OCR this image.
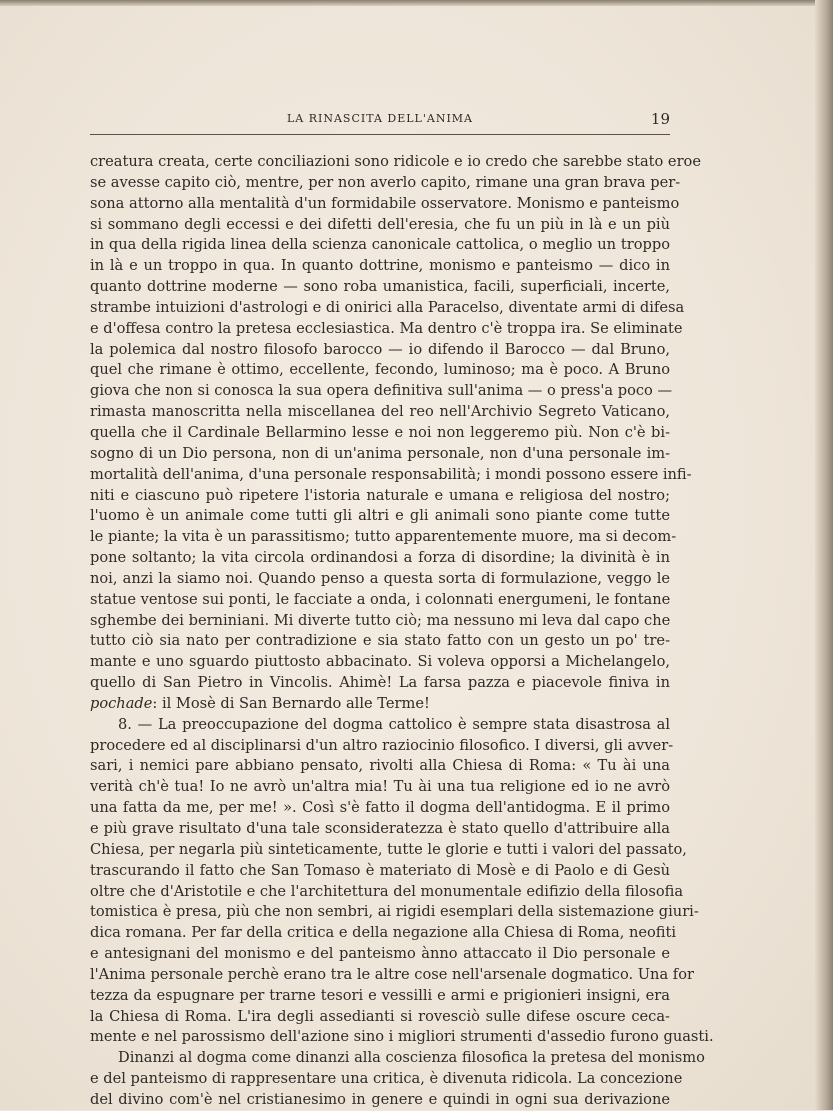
LA RINASCITA DELL'ANIMA	19
creatura creata, certe conciliazioni sono ridicole e io credo che sarebbe stato eroe
se avesse capito ciò, mentre, per non averlo capito, rimane una gran brava per-
sona attorno alla mentalità d'un formidabile osservatore. Monismo e panteismo
si sommano degli eccessi e dei difetti dell'eresia, che fu un più in là e un più
in qua della rigida linea della scienza canonicale cattolica, o meglio un troppo
in là e un troppo in qua. In quanto dottrine, monismo e panteismo — dico in
quanto dottrine moderne — sono roba umanistica, facili, superficiali, incerte,
strambe intuizioni d'astrologi e di onirici alla Paracelso, diventate armi di difesa
e d'offesa contro la pretesa ecclesiastica. Ma dentro c'è troppa ira. Se eliminate
la polemica dal nostro filosofo barocco — io difendo il Barocco — dal Bruno,
quel che rimane è ottimo, eccellente, fecondo, luminoso; ma è poco. A Bruno
giova che non si conosca la sua opera definitiva sull'anima — o press'a poco —
rimasta manoscritta nella miscellanea del reo nell'Archivio Segreto Vaticano,
quella che il Cardinale Bellarmino lesse e noi non leggeremo più. Non c'è bi-
sogno di un Dio persona, non di un'anima personale, non d'una personale im-
mortalità dell'anima, d'una personale responsabilità; i mondi possono essere infi-
niti e ciascuno può ripetere l'istoria naturale e umana e religiosa del nostro;
l'uomo è un animale come tutti gli altri e gli animali sono piante come tutte
le piante; la vita è un parassitismo; tutto apparentemente muore, ma si decom-
pone soltanto; la vita circola ordinandosi a forza di disordine; la divinità è in
noi, anzi la siamo noi. Quando penso a questa sorta di formulazione, veggo le
statue ventose sui ponti, le facciate a onda, i colonnati energumeni, le fontane
sghembe dei berniniani. Mi diverte tutto ciò; ma nessuno mi leva dal capo che
tutto ciò sia nato per contradizione e sia stato fatto con un gesto un po' tre-
mante e uno sguardo piuttosto abbacinato. Si voleva opporsi a Michelangelo,
quello di San Pietro in Vincolis. Ahimè! La farsa pazza e piacevole finiva in
pochade: il Mosè di San Bernardo alle Terme!
8. — La preoccupazione del dogma cattolico è sempre stata disastrosa al
procedere ed al disciplinarsi d'un altro raziocinio filosofico. I diversi, gli avver-
sari, i nemici pare abbiano pensato, rivolti alla Chiesa di Roma: « Tu ài una
verità ch'è tua! Io ne avrò un'altra mia! Tu ài una tua religione ed io ne avrò
una fatta da me, per me! ». Così s'è fatto il dogma dell'antidogma. E il primo
e più grave risultato d'una tale sconsideratezza è stato quello d'attribuire alla
Chiesa, per negarla più sinteticamente, tutte le glorie e tutti i valori del passato,
trascurando il fatto che San Tomaso è materiato di Mosè e di Paolo e di Gesù
oltre che d'Aristotile e che l'architettura del monumentale edifizio della filosofia
tomistica è presa, più che non sembri, ai rigidi esemplari della sistemazione giuri-
dica romana. Per far della critica e della negazione alla Chiesa di Roma, neofiti
e antesignani del monismo e del panteismo ànno attaccato il Dio personale e
l'Anima personale perchè erano tra le altre cose nell'arsenale dogmatico. Una for
tezza da espugnare per trarne tesori e vessilli e armi e prigionieri insigni, era
la Chiesa di Roma. L'ira degli assedianti si rovesciò sulle difese oscure ceca-
mente e nel parossismo dell'azione sino i migliori strumenti d'assedio furono guasti.
Dinanzi al dogma come dinanzi alla coscienza filosofica la pretesa del monismo
e del panteismo di rappresentare una critica, è divenuta ridicola. La concezione
del divino com'è nel cristianesimo in genere e quindi in ogni sua derivazione
